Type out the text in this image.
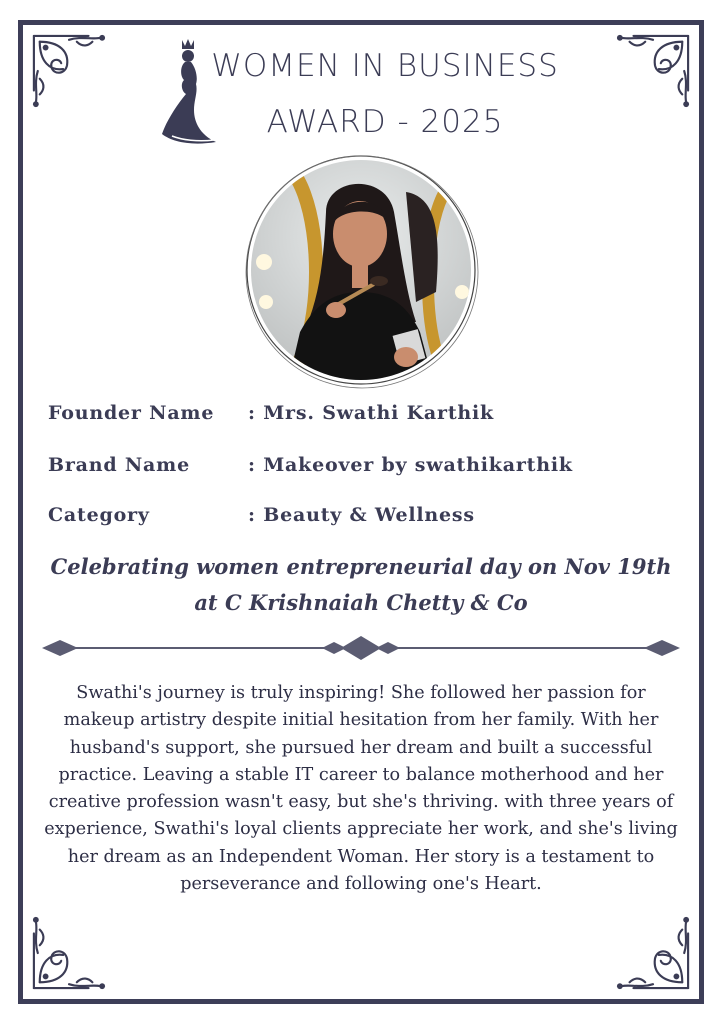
WOMEN IN BUSINESS
AWARD - 2025
Founder Name : Mrs. Swathi Karthik
Brand Name	: Makeover by swathikarthik
Category	: Beauty & Wellness
Celebrating women entrepreneurial day on Nov 19th
at C Krishnaiah Chetty & Co
Swathi's journey is truly inspiring! She followed her passion for makeup artistry despite initial hesitation from her family. With her husband's support, she pursued her dream and built a successful practice. Leaving a stable IT career to balance motherhood and her creative profession wasn't easy, but she's thriving. with three years of experience, Swathi's loyal clients appreciate her work, and she's living her dream as an Independent Woman. Her story is a testament to perseverance and following one's Heart.
